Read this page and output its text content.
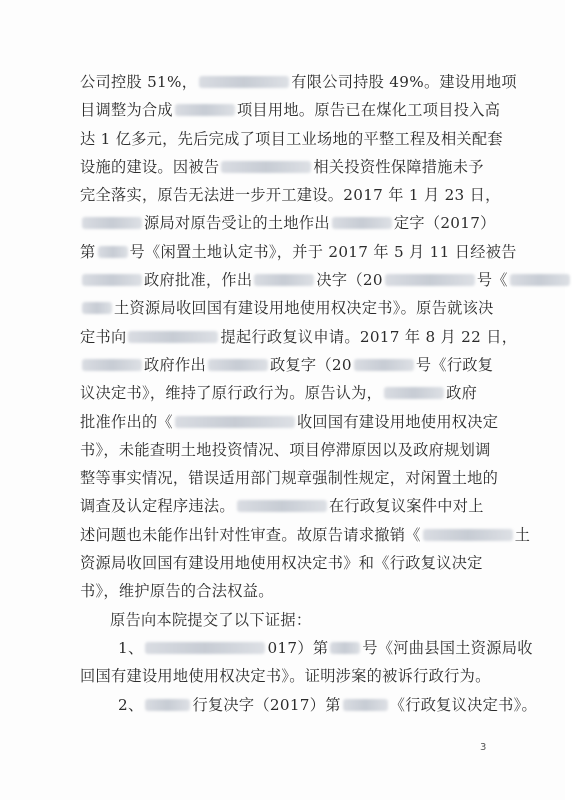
公司控股 51%，	有限公司持股 49%。建设用地项
目调整为合成	项目用地。原告已在煤化工项目投入高
达 1 亿多元，先后完成了项目工业场地的平整工程及相关配套
设施的建设。因被告	相关投资性保障措施未予
完全落实，原告无法进一步开工建设。2017 年 1 月 23 日，
源局对原告受让的土地作出	定字（2017）
第 号《闲置土地认定书》，并于 2017 年 5 月 11 日经被告
政府批准，作出	决字（20	号《
土资源局收回国有建设用地使用权决定书》。原告就该决
定书向	提起行政复议申请。2017 年 8 月 22 日，
政府作出	政复字（20	号《行政复
议决定书》，维持了原行政行为。原告认为，	政府
批准作出的《	收回国有建设用地使用权决定
书》，未能查明土地投资情况、项目停滞原因以及政府规划调
整等事实情况，错误适用部门规章强制性规定，对闲置土地的
调查及认定程序违法。	在行政复议案件中对上
述问题也未能作出针对性审查。故原告请求撤销《	土
资源局收回国有建设用地使用权决定书》和《行政复议决定
书》，维护原告的合法权益。
原告向本院提交了以下证据：
1、	017）第 号《河曲县国土资源局收
回国有建设用地使用权决定书》。证明涉案的被诉行政行为。
2、	行复决字（2017）第	《行政复议决定书》。
3
